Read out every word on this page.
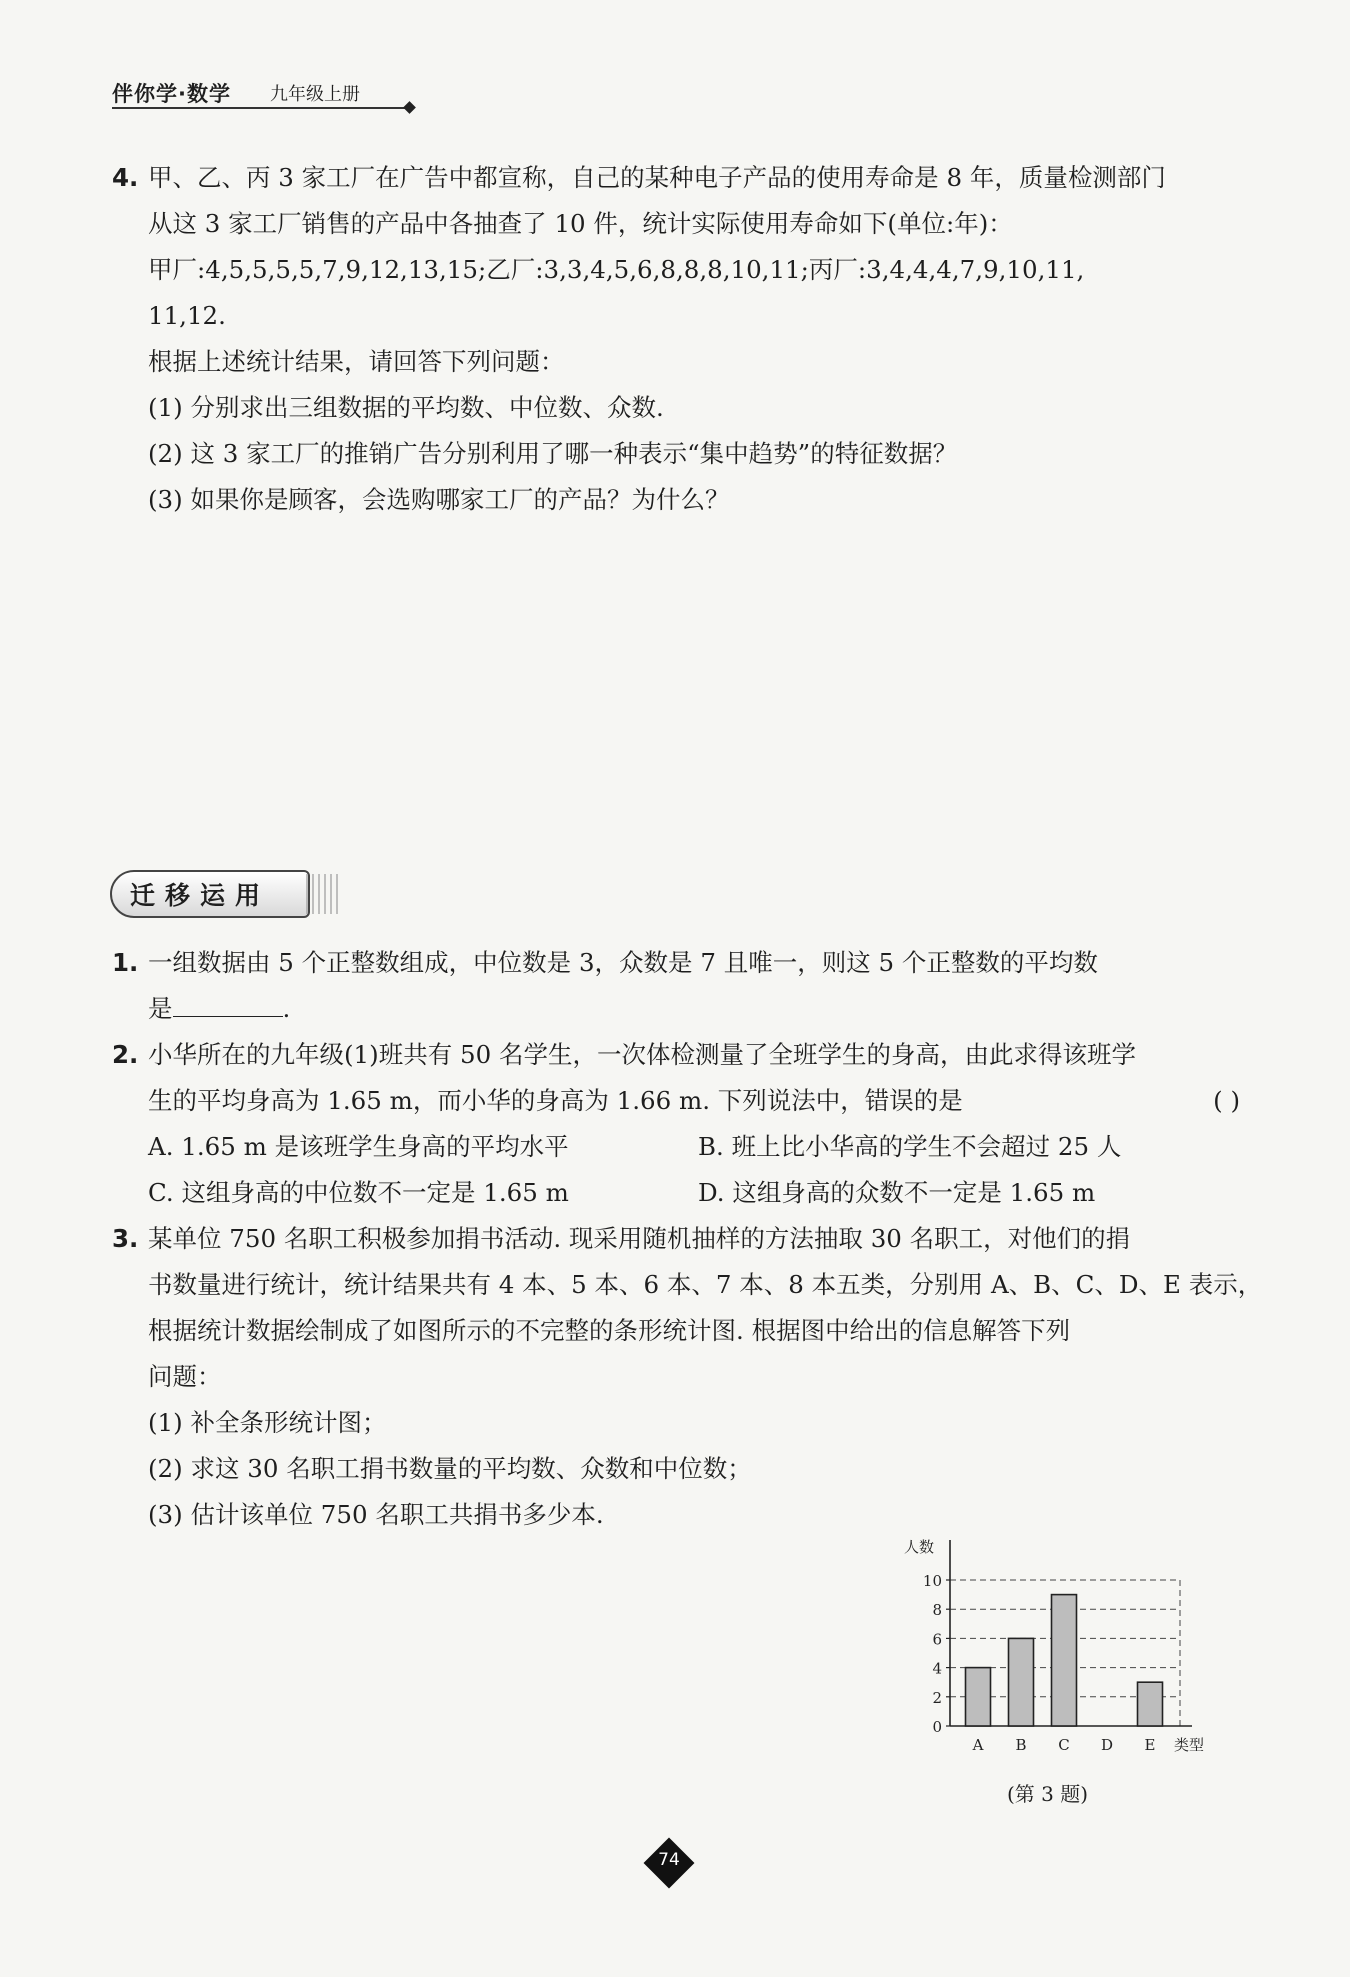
伴你学·数学 九年级上册
4. 甲、乙、丙 3 家工厂在广告中都宣称，自己的某种电子产品的使用寿命是 8 年，质量检测部门
从这 3 家工厂销售的产品中各抽查了 10 件，统计实际使用寿命如下(单位:年)：
甲厂:4,5,5,5,5,7,9,12,13,15;乙厂:3,3,4,5,6,8,8,8,10,11;丙厂:3,4,4,4,7,9,10,11,
11,12.
根据上述统计结果，请回答下列问题：
(1) 分别求出三组数据的平均数、中位数、众数.
(2) 这 3 家工厂的推销广告分别利用了哪一种表示“集中趋势”的特征数据？
(3) 如果你是顾客，会选购哪家工厂的产品？为什么？
迁移运用
1. 一组数据由 5 个正整数组成，中位数是 3，众数是 7 且唯一，则这 5 个正整数的平均数
是	.
2. 小华所在的九年级(1)班共有 50 名学生，一次体检测量了全班学生的身高，由此求得该班学
生的平均身高为 1.65 m，而小华的身高为 1.66 m. 下列说法中，错误的是	( )
A. 1.65 m 是该班学生身高的平均水平	B. 班上比小华高的学生不会超过 25 人
C. 这组身高的中位数不一定是 1.65 m	D. 这组身高的众数不一定是 1.65 m
3. 某单位 750 名职工积极参加捐书活动. 现采用随机抽样的方法抽取 30 名职工，对他们的捐
书数量进行统计，统计结果共有 4 本、5 本、6 本、7 本、8 本五类，分别用 A、B、C、D、E 表示，
根据统计数据绘制成了如图所示的不完整的条形统计图. 根据图中给出的信息解答下列
问题：
(1) 补全条形统计图；
(2) 求这 30 名职工捐书数量的平均数、众数和中位数；
(3) 估计该单位 750 名职工共捐书多少本.
0
2
4
6
8
10
人数
类型
A B C D E
(第 3 题)
74
